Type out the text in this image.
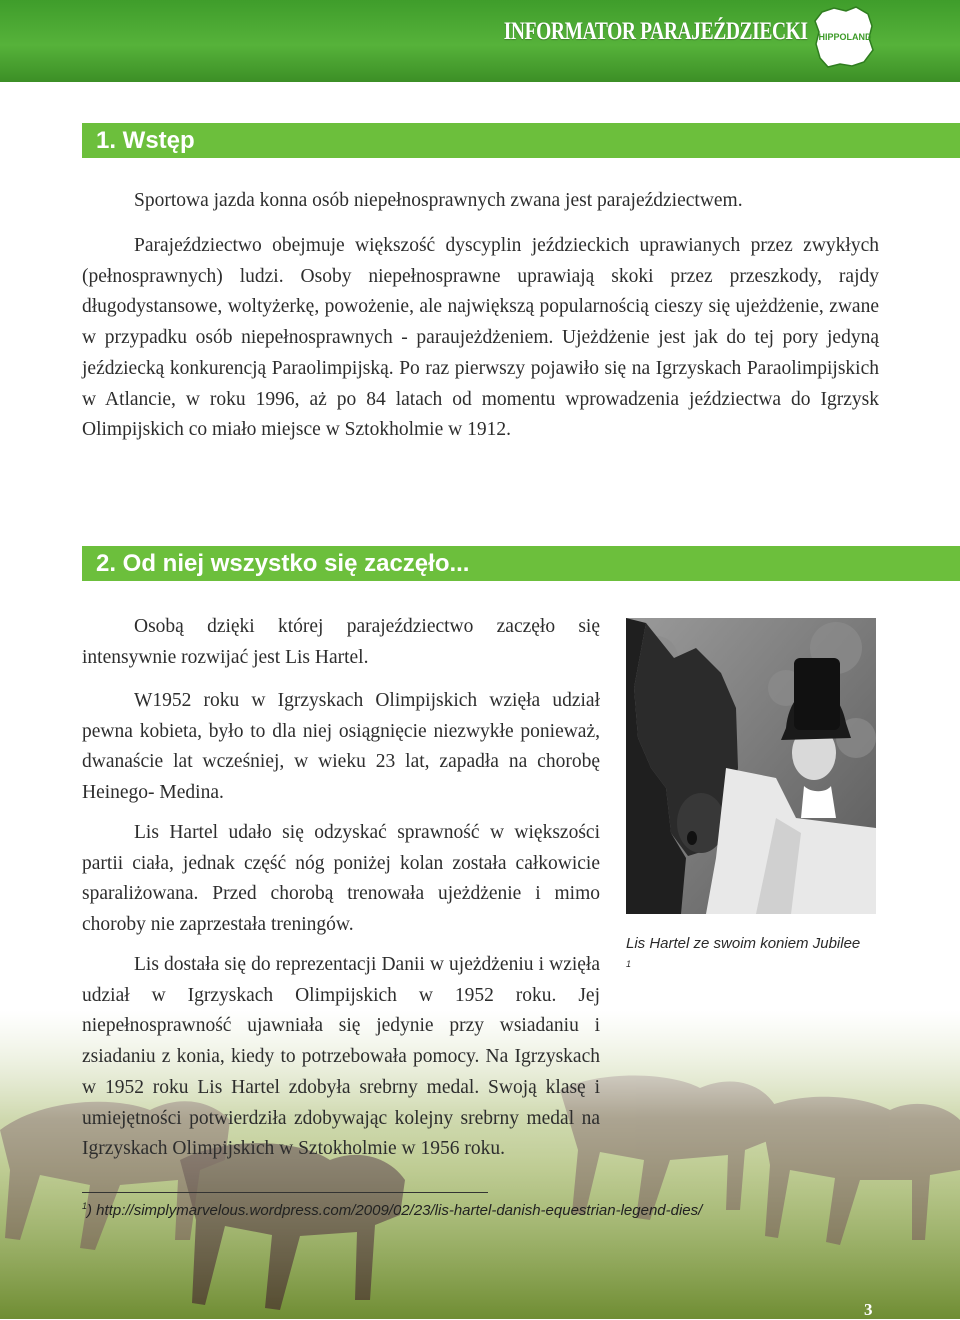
INFORMATOR PARAJEŹDZIECKI HIPPOLAND
1. Wstęp

Sportowa jazda konna osób niepełnosprawnych zwana jest parajeździectwem.

Parajeździectwo obejmuje większość dyscyplin jeździeckich uprawianych przez zwykłych (pełnosprawnych) ludzi. Osoby niepełnosprawne uprawiają skoki przez przeszkody, rajdy długodystansowe, woltyżerkę, powożenie, ale największą popularnością cieszy się ujeżdżenie, zwane w przypadku osób niepełnosprawnych - paraujeżdżeniem. Ujeżdżenie jest jak do tej pory jedyną jeździecką konkurencją Paraolimpijską. Po raz pierwszy pojawiło się na Igrzyskach Paraolimpijskich w Atlancie, w roku 1996, aż po 84 latach od momentu wprowadzenia jeździectwa do Igrzysk Olimpijskich co miało miejsce w Sztokholmie w 1912.

2. Od niej wszystko się zaczęło...

Osobą dzięki której parajeździectwo zaczęło się intensywnie rozwijać jest Lis Hartel.

W1952 roku w Igrzyskach Olimpijskich wzięła udział pewna kobieta, było to dla niej osiągnięcie niezwykłe ponieważ, dwanaście lat wcześniej, w wieku 23 lat, zapadła na chorobę Heinego- Medina.

Lis Hartel udało się odzyskać sprawność w większości partii ciała, jednak część nóg poniżej kolan została całkowicie sparaliżowana. Przed chorobą trenowała ujeżdżenie i mimo choroby nie zaprzestała treningów.

Lis dostała się do reprezentacji Danii w ujeżdżeniu i wzięła udział w Igrzyskach Olimpijskich w 1952 roku. Jej niepełnosprawność ujawniała się jedynie przy wsiadaniu i zsiadaniu z konia, kiedy to potrzebowała pomocy. Na Igrzyskach w 1952 roku Lis Hartel zdobyła srebrny medal. Swoją klasę i umiejętności potwierdziła zdobywając kolejny srebrny medal na Igrzyskach Olimpijskich w Sztokholmie w 1956 roku.

Lis Hartel ze swoim koniem Jubilee $^1$
$^1$) http://simplymarvelous.wordpress.com/2009/02/23/lis-hartel-danish-equestrian-legend-dies/
3
